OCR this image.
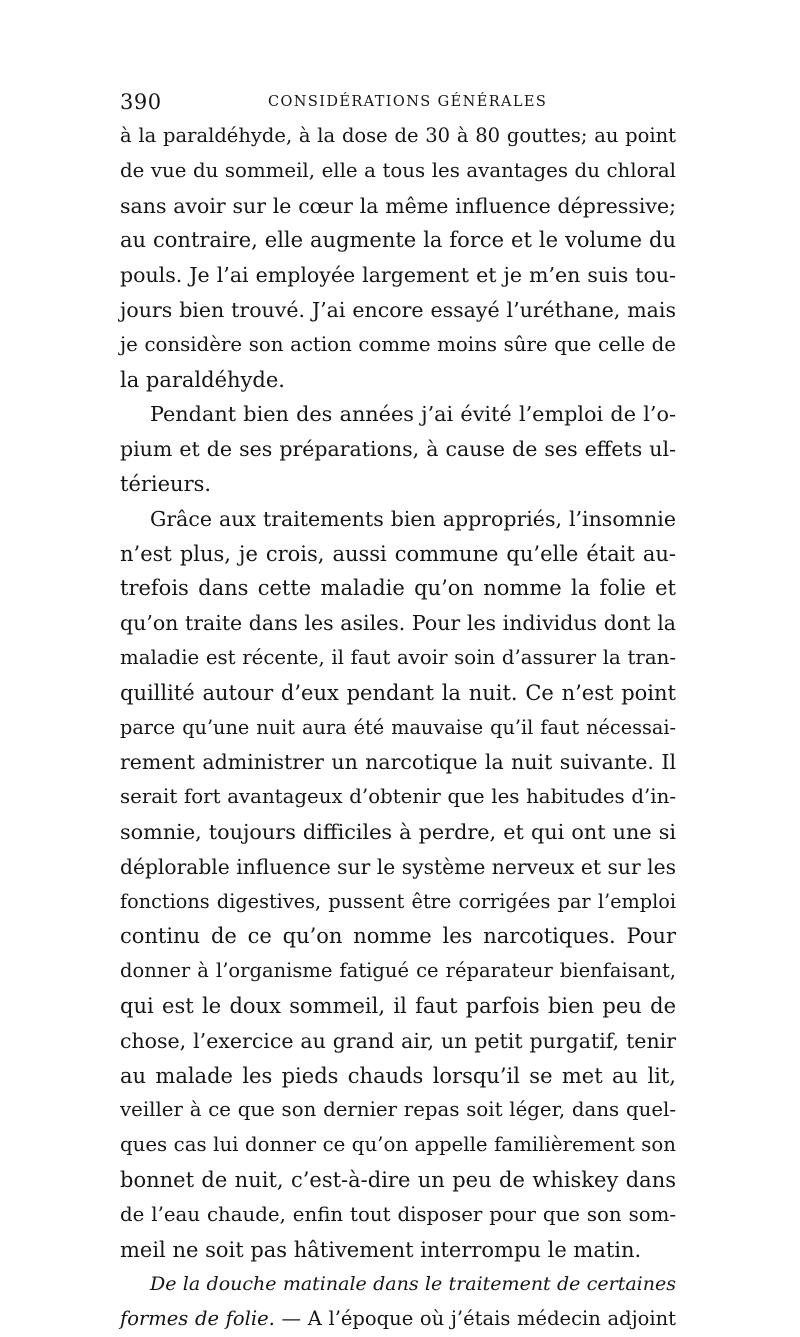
390	CONSIDÉRATIONS GÉNÉRALES
à la paraldéhyde, à la dose de 30 à 80 gouttes; au point
de vue du sommeil, elle a tous les avantages du chloral
sans avoir sur le cœur la même influence dépressive;
au contraire, elle augmente la force et le volume du
pouls. Je l’ai employée largement et je m’en suis tou-
jours bien trouvé. J’ai encore essayé l’uréthane, mais
je considère son action comme moins sûre que celle de
la paraldéhyde.
Pendant bien des années j’ai évité l’emploi de l’o-
pium et de ses préparations, à cause de ses effets ul-
térieurs.
Grâce aux traitements bien appropriés, l’insomnie
n’est plus, je crois, aussi commune qu’elle était au-
trefois dans cette maladie qu’on nomme la folie et
qu’on traite dans les asiles. Pour les individus dont la
maladie est récente, il faut avoir soin d’assurer la tran-
quillité autour d’eux pendant la nuit. Ce n’est point
parce qu’une nuit aura été mauvaise qu’il faut nécessai-
rement administrer un narcotique la nuit suivante. Il
serait fort avantageux d’obtenir que les habitudes d’in-
somnie, toujours difficiles à perdre, et qui ont une si
déplorable influence sur le système nerveux et sur les
fonctions digestives, pussent être corrigées par l’emploi
continu de ce qu’on nomme les narcotiques. Pour
donner à l’organisme fatigué ce réparateur bienfaisant,
qui est le doux sommeil, il faut parfois bien peu de
chose, l’exercice au grand air, un petit purgatif, tenir
au malade les pieds chauds lorsqu’il se met au lit,
veiller à ce que son dernier repas soit léger, dans quel-
ques cas lui donner ce qu’on appelle familièrement son
bonnet de nuit, c’est-à-dire un peu de whiskey dans
de l’eau chaude, enfin tout disposer pour que son som-
meil ne soit pas hâtivement interrompu le matin.
De la douche matinale dans le traitement de certaines
formes de folie. — A l’époque où j’étais médecin adjoint
